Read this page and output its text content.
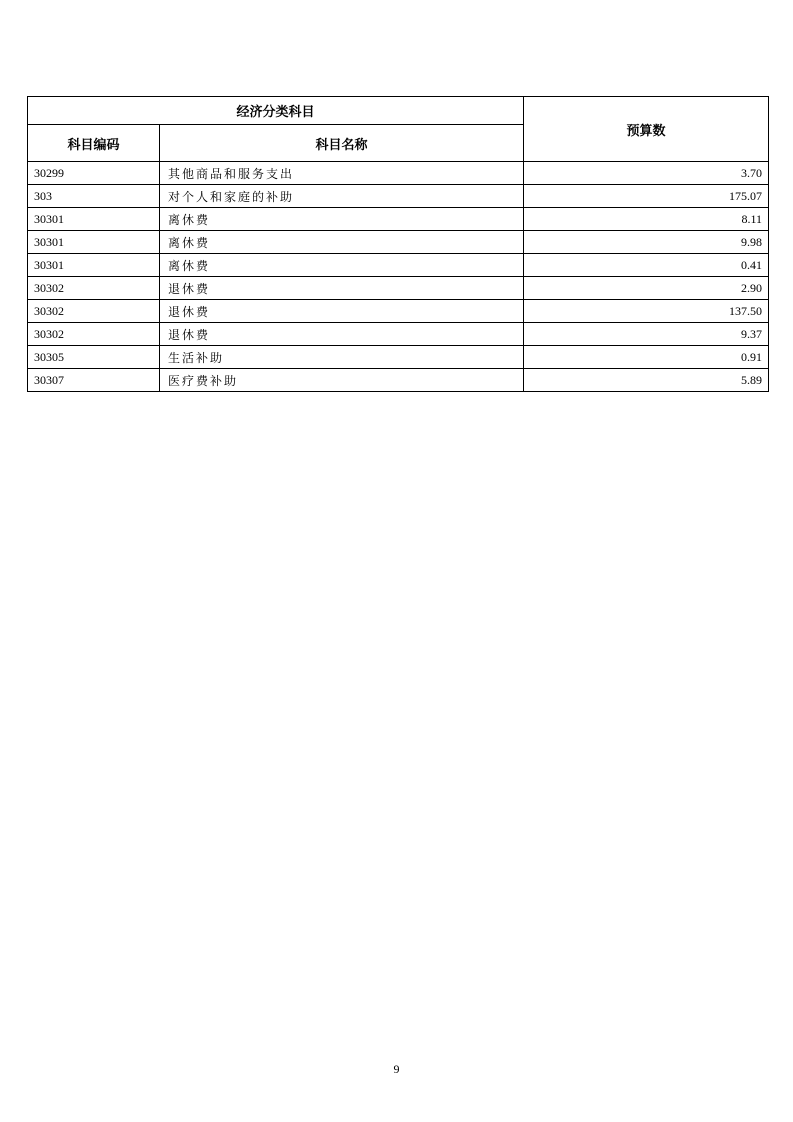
经济分类科目		预算数
科目编码	科目名称	
30299	其他商品和服务支出	3.70
303	对个人和家庭的补助	175.07
30301	离休费	8.11
30301	离休费	9.98
30301	离休费	0.41
30302	退休费	2.90
30302	退休费	137.50
30302	退休费	9.37
30305	生活补助	0.91
30307	医疗费补助	5.89
9
